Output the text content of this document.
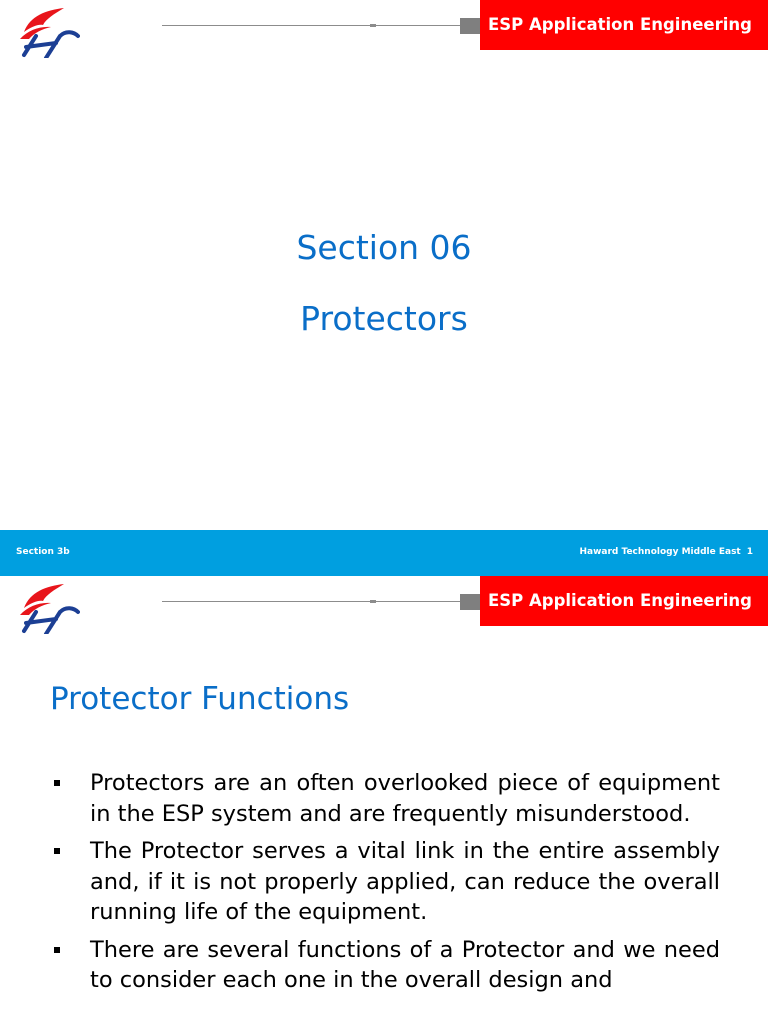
ESP Application Engineering
Section 06
Protectors
Section 3b	Haward Technology Middle East 1
ESP Application Engineering
Protector Functions
Protectors are an often overlooked piece of equipment in the ESP system and are frequently misunderstood.
The Protector serves a vital link in the entire assembly and, if it is not properly applied, can reduce the overall running life of the equipment.
There are several functions of a Protector and we need to consider each one in the overall design and
